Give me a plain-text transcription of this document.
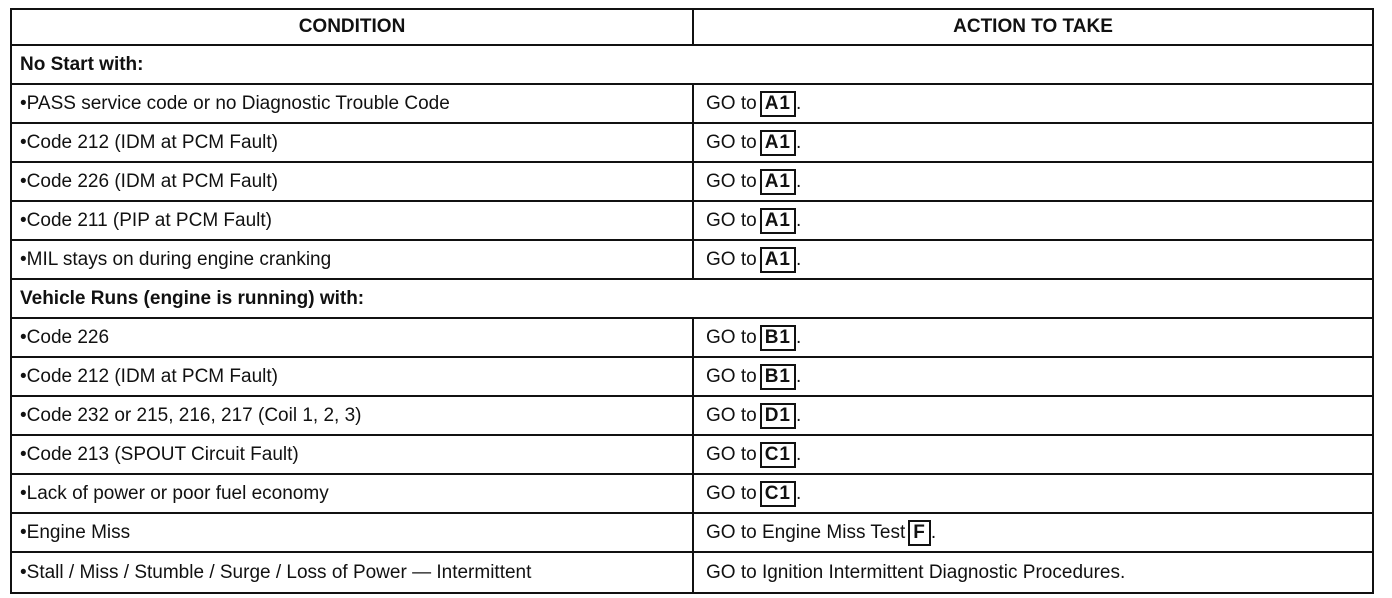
CONDITION	ACTION TO TAKE
No Start with:
•PASS service code or no Diagnostic Trouble Code	GO to A1 .
•Code 212 (IDM at PCM Fault)	GO to A1 .
•Code 226 (IDM at PCM Fault)	GO to A1 .
•Code 211 (PIP at PCM Fault)	GO to A1 .
•MIL stays on during engine cranking	GO to A1 .
Vehicle Runs (engine is running) with:
•Code 226	GO to B1 .
•Code 212 (IDM at PCM Fault)	GO to B1 .
•Code 232 or 215, 216, 217 (Coil 1, 2, 3)	GO to D1 .
•Code 213 (SPOUT Circuit Fault)	GO to C1 .
•Lack of power or poor fuel economy	GO to C1 .
•Engine Miss	GO to Engine Miss Test F .
•Stall / Miss / Stumble / Surge / Loss of Power — Intermittent	GO to Ignition Intermittent Diagnostic Procedures.
